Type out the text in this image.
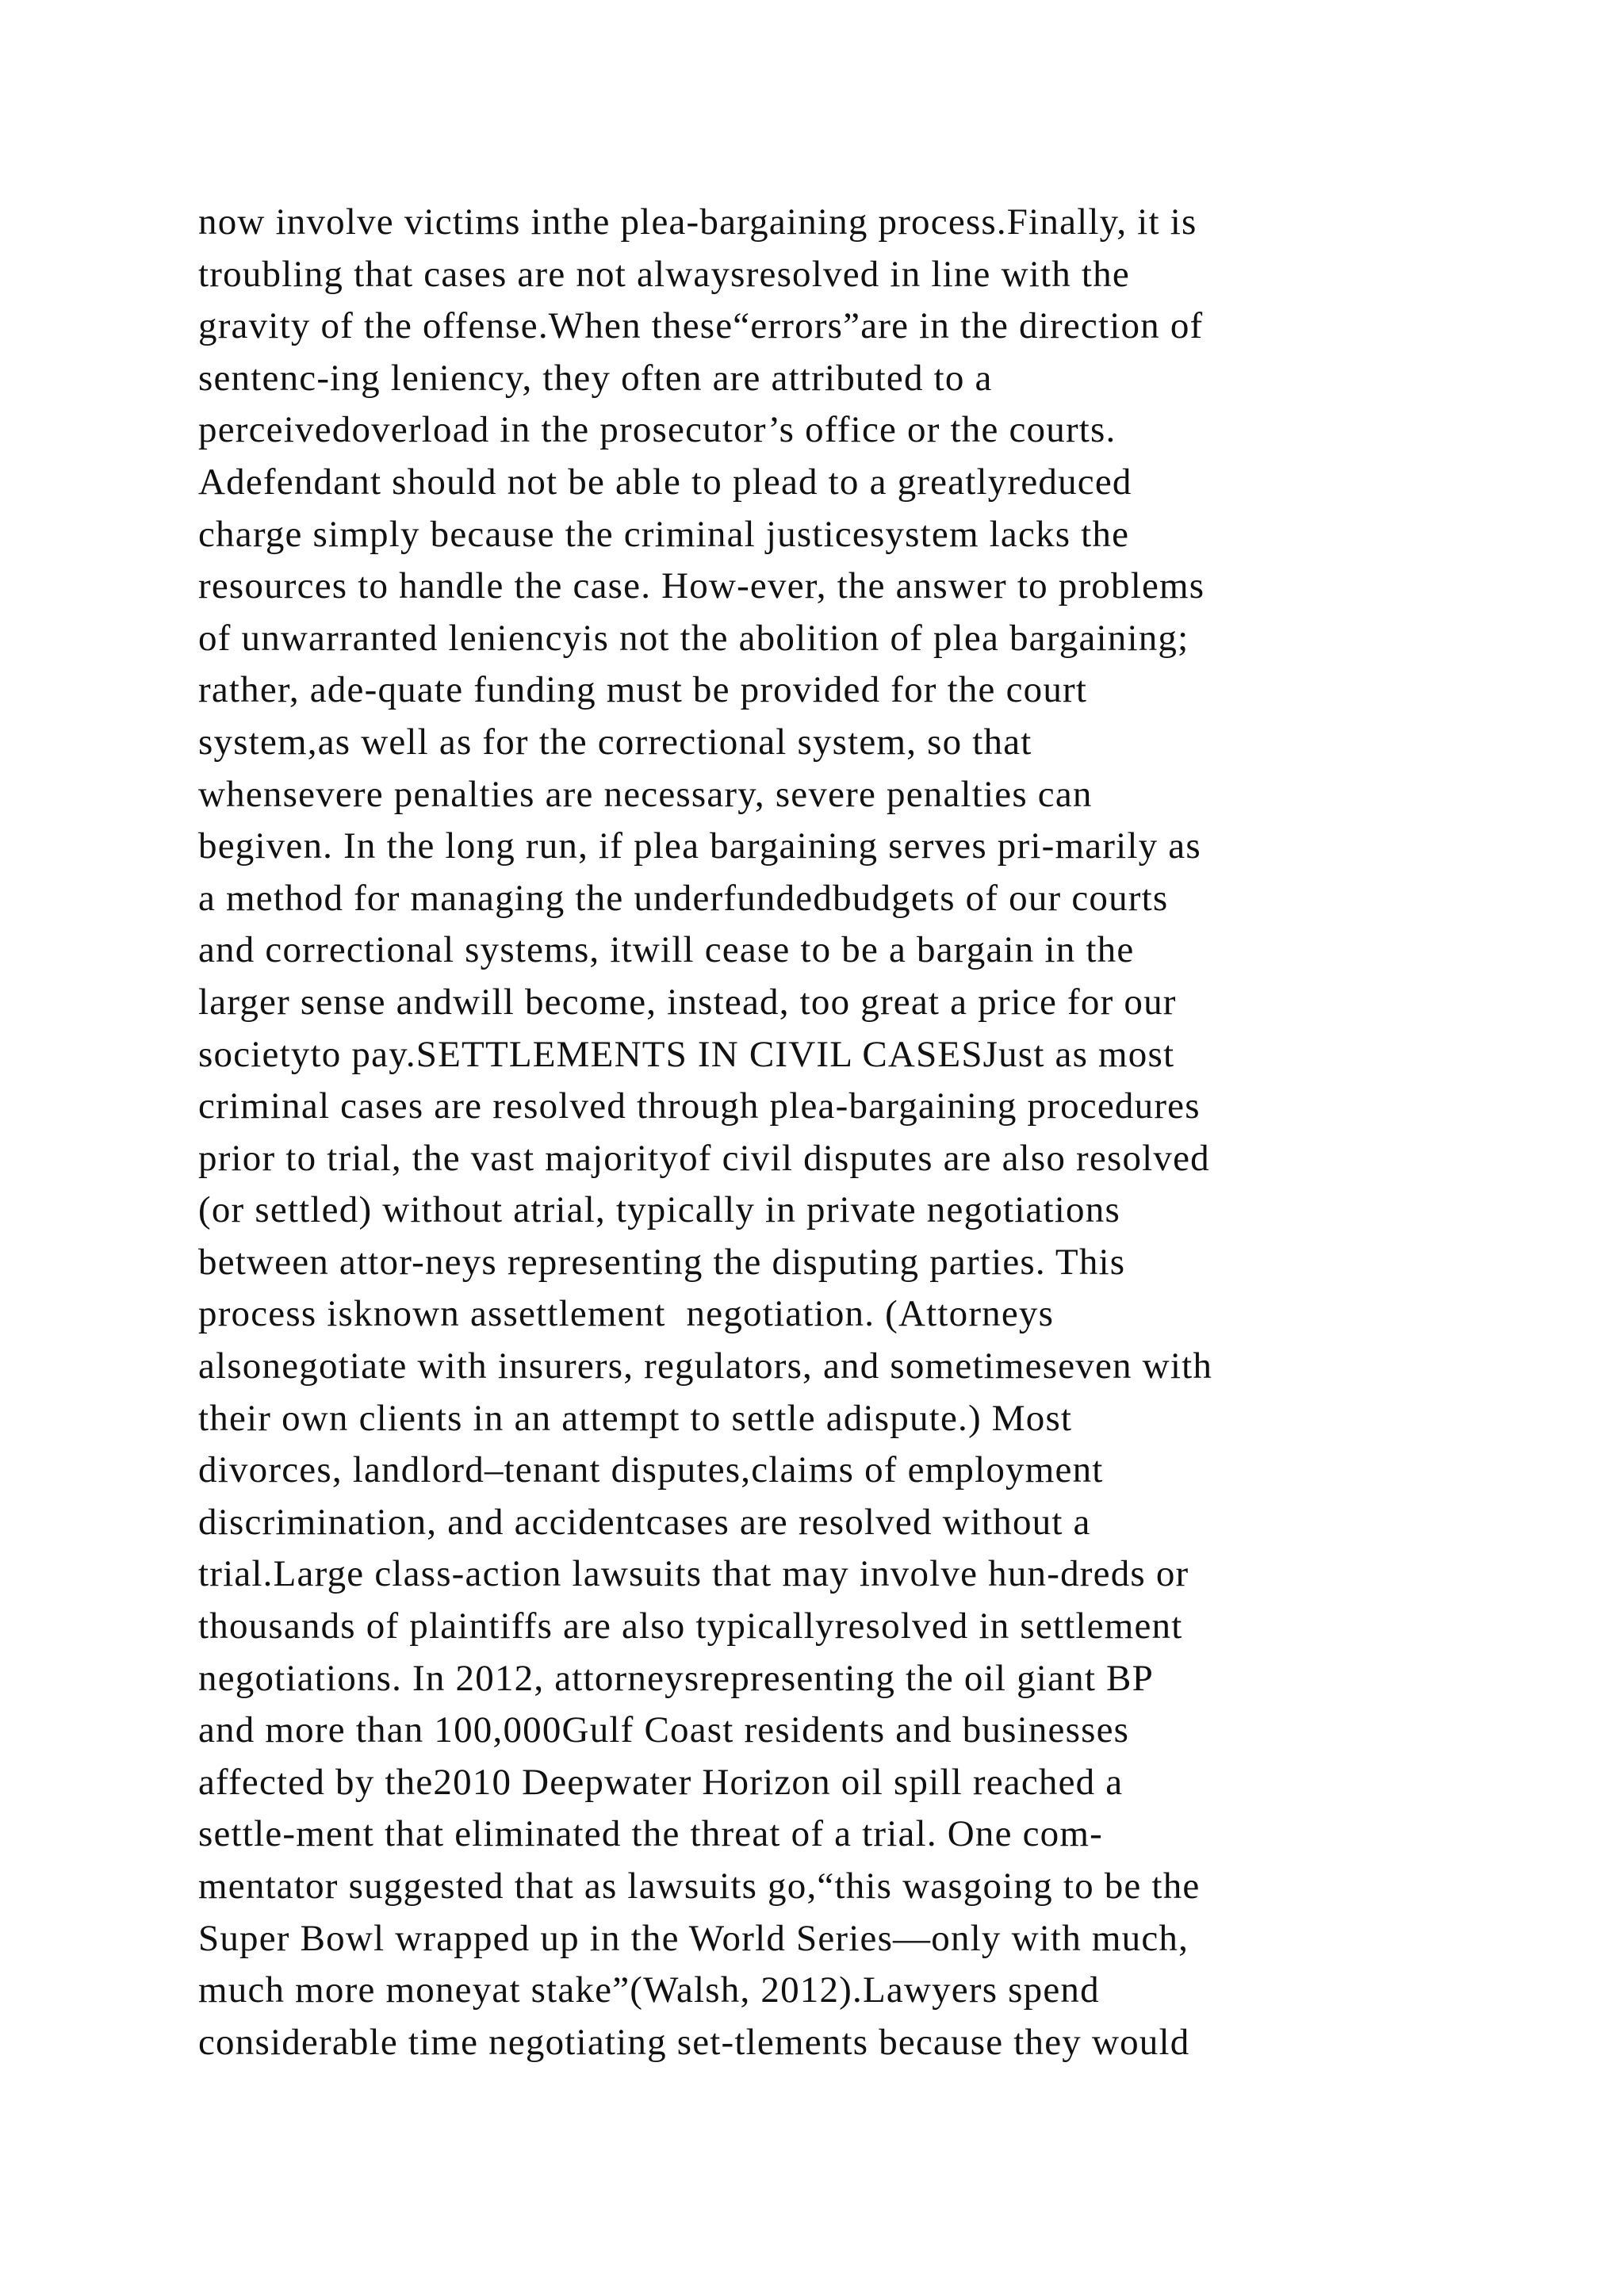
now involve victims inthe plea-bargaining process.Finally, it is
troubling that cases are not alwaysresolved in line with the
gravity of the offense.When these“errors”are in the direction of
sentenc-ing leniency, they often are attributed to a
perceivedoverload in the prosecutor’s office or the courts.
Adefendant should not be able to plead to a greatlyreduced
charge simply because the criminal justicesystem lacks the
resources to handle the case. How-ever, the answer to problems
of unwarranted leniencyis not the abolition of plea bargaining;
rather, ade-quate funding must be provided for the court
system,as well as for the correctional system, so that
whensevere penalties are necessary, severe penalties can
begiven. In the long run, if plea bargaining serves pri-marily as
a method for managing the underfundedbudgets of our courts
and correctional systems, itwill cease to be a bargain in the
larger sense andwill become, instead, too great a price for our
societyto pay.SETTLEMENTS IN CIVIL CASESJust as most
criminal cases are resolved through plea-bargaining procedures
prior to trial, the vast majorityof civil disputes are also resolved
(or settled) without atrial, typically in private negotiations
between attor-neys representing the disputing parties. This
process isknown assettlement  negotiation. (Attorneys
alsonegotiate with insurers, regulators, and sometimeseven with
their own clients in an attempt to settle adispute.) Most
divorces, landlord–tenant disputes,claims of employment
discrimination, and accidentcases are resolved without a
trial.Large class-action lawsuits that may involve hun-dreds or
thousands of plaintiffs are also typicallyresolved in settlement
negotiations. In 2012, attorneysrepresenting the oil giant BP
and more than 100,000Gulf Coast residents and businesses
affected by the2010 Deepwater Horizon oil spill reached a
settle-ment that eliminated the threat of a trial. One com-
mentator suggested that as lawsuits go,“this wasgoing to be the
Super Bowl wrapped up in the World Series—only with much,
much more moneyat stake”(Walsh, 2012).Lawyers spend
considerable time negotiating set-tlements because they would
